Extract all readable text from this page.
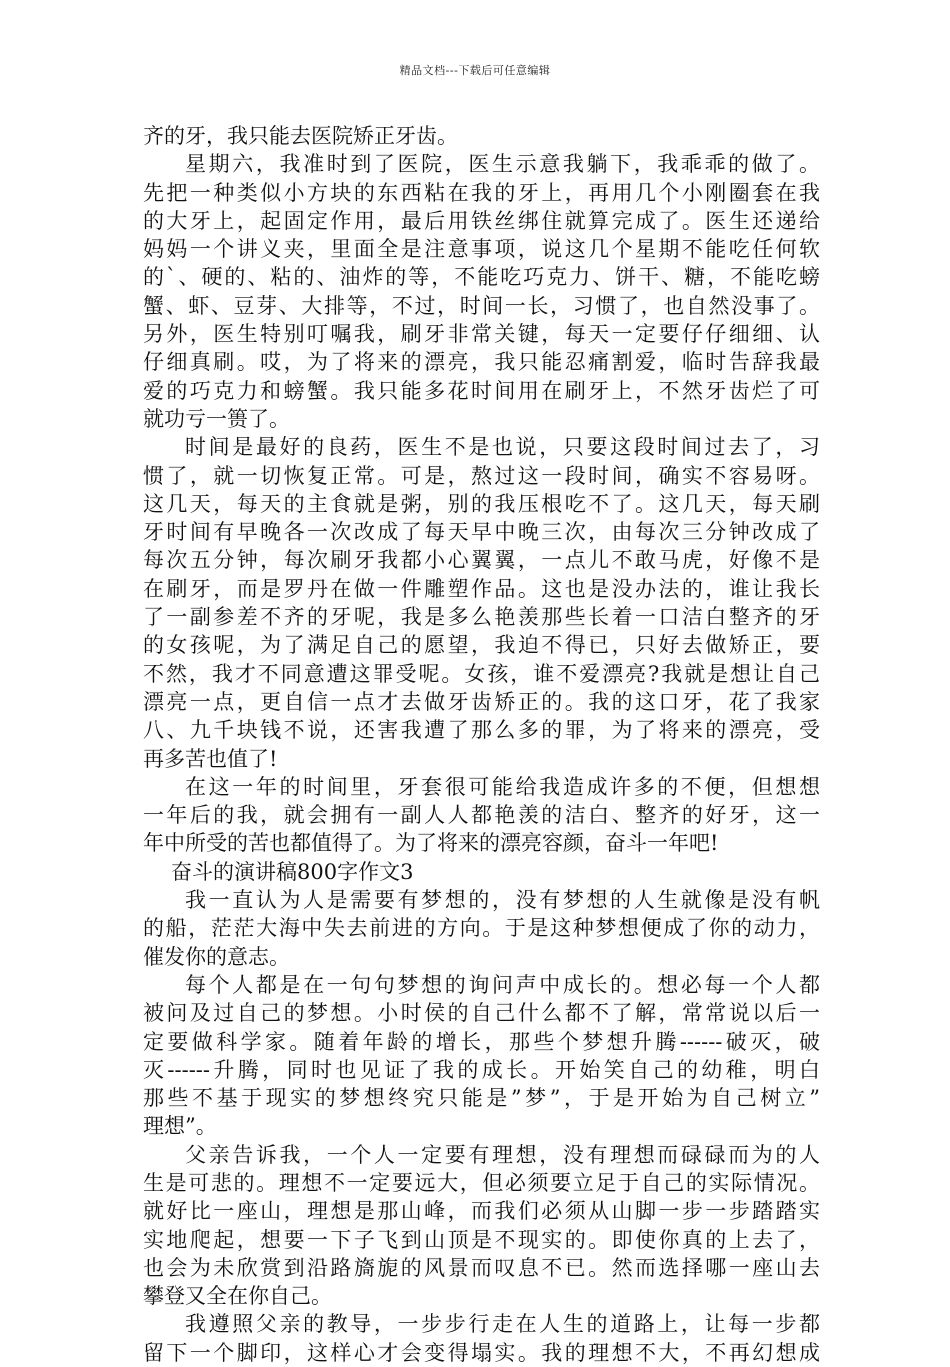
精品文档---下载后可任意编辑
齐的牙，我只能去医院矫正牙齿。
星期六，我准时到了医院，医生示意我躺下，我乖乖的做了。
先把一种类似小方块的东西粘在我的牙上，再用几个小刚圈套在我
的大牙上，起固定作用，最后用铁丝绑住就算完成了。医生还递给
妈妈一个讲义夹，里面全是注意事项，说这几个星期不能吃任何软
的`、硬的、粘的、油炸的等，不能吃巧克力、饼干、糖，不能吃螃
蟹、虾、豆芽、大排等，不过，时间一长，习惯了，也自然没事了。
另外，医生特别叮嘱我，刷牙非常关键，每天一定要仔仔细细、认
仔细真刷。哎，为了将来的漂亮，我只能忍痛割爱，临时告辞我最
爱的巧克力和螃蟹。我只能多花时间用在刷牙上，不然牙齿烂了可
就功亏一篑了。
时间是最好的良药，医生不是也说，只要这段时间过去了，习
惯了，就一切恢复正常。可是，熬过这一段时间，确实不容易呀。
这几天，每天的主食就是粥，别的我压根吃不了。这几天，每天刷
牙时间有早晚各一次改成了每天早中晚三次，由每次三分钟改成了
每次五分钟，每次刷牙我都小心翼翼，一点儿不敢马虎，好像不是
在刷牙，而是罗丹在做一件雕塑作品。这也是没办法的，谁让我长
了一副参差不齐的牙呢，我是多么艳羡那些长着一口洁白整齐的牙
的女孩呢，为了满足自己的愿望，我迫不得已，只好去做矫正，要
不然，我才不同意遭这罪受呢。女孩，谁不爱漂亮?我就是想让自己
漂亮一点，更自信一点才去做牙齿矫正的。我的这口牙，花了我家
八、九千块钱不说，还害我遭了那么多的罪，为了将来的漂亮，受
再多苦也值了!
在这一年的时间里，牙套很可能给我造成许多的不便，但想想
一年后的我，就会拥有一副人人都艳羡的洁白、整齐的好牙，这一
年中所受的苦也都值得了。为了将来的漂亮容颜，奋斗一年吧!
奋斗的演讲稿800字作文3
我一直认为人是需要有梦想的，没有梦想的人生就像是没有帆
的船，茫茫大海中失去前进的方向。于是这种梦想便成了你的动力，
催发你的意志。
每个人都是在一句句梦想的询问声中成长的。想必每一个人都
被问及过自己的梦想。小时侯的自己什么都不了解，常常说以后一
定要做科学家。随着年龄的增长，那些个梦想升腾------破灭，破
灭------升腾，同时也见证了我的成长。开始笑自己的幼稚，明白
那些不基于现实的梦想终究只能是”梦”，于是开始为自己树立”
理想”。
父亲告诉我，一个人一定要有理想，没有理想而碌碌而为的人
生是可悲的。理想不一定要远大，但必须要立足于自己的实际情况。
就好比一座山，理想是那山峰，而我们必须从山脚一步一步踏踏实
实地爬起，想要一下子飞到山顶是不现实的。即使你真的上去了，
也会为未欣赏到沿路旖旎的风景而叹息不已。然而选择哪一座山去
攀登又全在你自己。
我遵照父亲的教导，一步步行走在人生的道路上，让每一步都
留下一个脚印，这样心才会变得塌实。我的理想不大，不再幻想成
